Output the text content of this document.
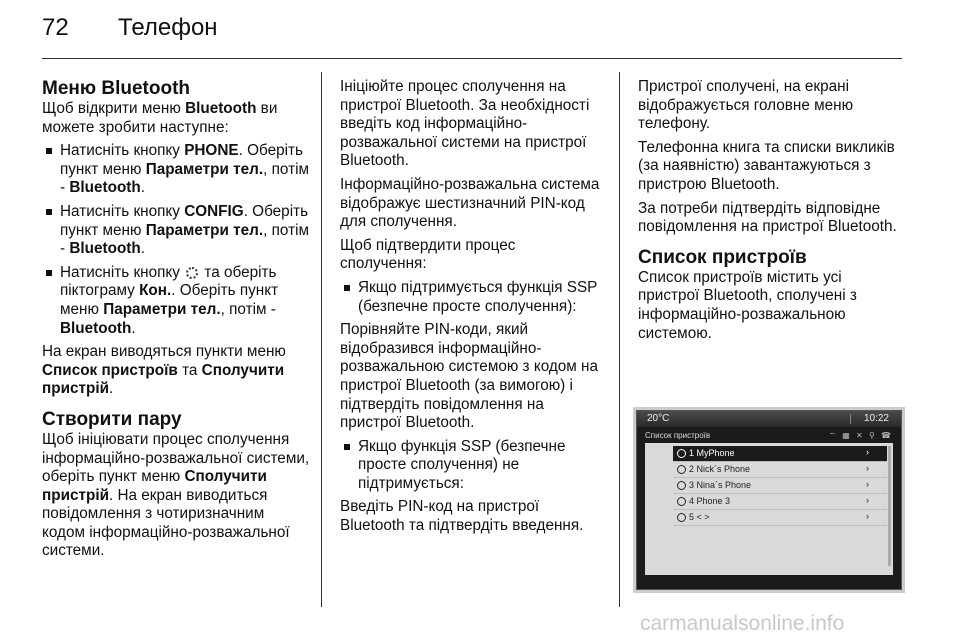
72 Телефон
Меню Bluetooth

Щоб відкрити меню Bluetooth ви можете зробити наступне:

Натисніть кнопку PHONE. Оберіть пункт меню Параметри тел., потім - Bluetooth.
Натисніть кнопку CONFIG. Оберіть пункт меню Параметри тел., потім - Bluetooth.
Натисніть кнопку  та оберіть піктограму Кон.. Оберіть пункт меню Параметри тел., потім - Bluetooth.

На екран виводяться пункти меню Список пристроїв та Сполучити пристрій.

Створити пару

Щоб ініціювати процес сполучення інформаційно-розважальної системи, оберіть пункт меню Сполучити пристрій. На екран виводиться повідомлення з чотиризначним кодом інформаційно-розважальної системи.

Ініціюйте процес сполучення на пристрої Bluetooth. За необхідності введіть код інформаційно-розважальної системи на пристрої Bluetooth.

Інформаційно-розважальна система відображує шестизначний PIN-код для сполучення.

Щоб підтвердити процес сполучення:

Якщо підтримується функція SSP (безпечне просте сполучення):

Порівняйте PIN-коди, який відобразився інформаційно-розважальною системою з кодом на пристрої Bluetooth (за вимогою) і підтвердіть повідомлення на пристрої Bluetooth.

Якщо функція SSP (безпечне просте сполучення) не підтримується:

Введіть PIN-код на пристрої Bluetooth та підтвердіть введення.

Пристрої сполучені, на екрані відображується головне меню телефону.

Телефонна книга та списки викликів (за наявністю) завантажуються з пристрою Bluetooth.

За потреби підтвердіть відповідне повідомлення на пристрої Bluetooth.

Список пристроїв

Список пристроїв містить усі пристрої Bluetooth, сполучені з інформаційно-розважальною системою.

20°C	10:22
Список пристроїв	⌔ ▦ ✕ ⚲ ☎
1 MyPhone	›
2 Nick´s Phone	›
3 Nina´s Phone	›
4 Phone 3	›
5 < >	›
carmanualsonline.info
